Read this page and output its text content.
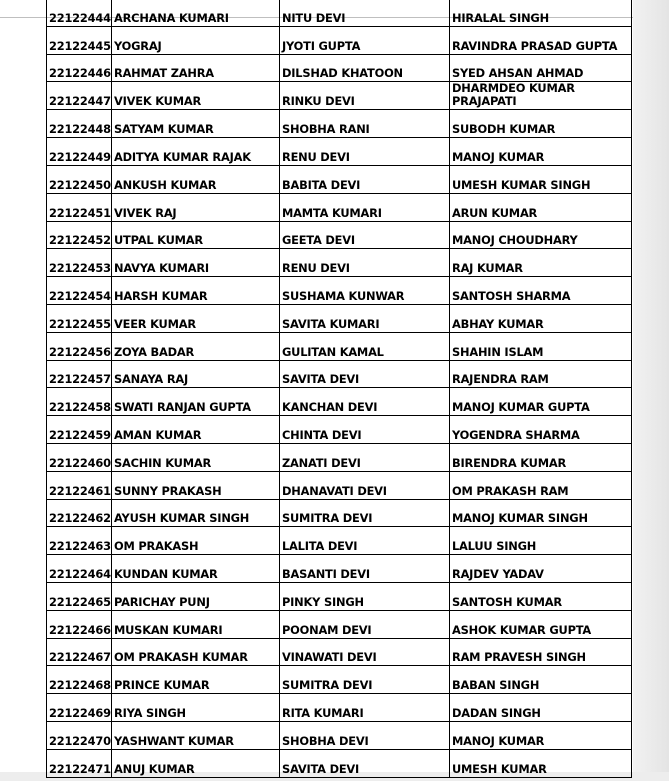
22122444	ARCHANA KUMARI	NITU DEVI	HIRALAL SINGH
22122445	YOGRAJ	JYOTI GUPTA	RAVINDRA PRASAD GUPTA
22122446	RAHMAT ZAHRA	DILSHAD KHATOON	SYED AHSAN AHMAD
22122447	VIVEK KUMAR	RINKU DEVI	DHARMDEO KUMAR PRAJAPATI
22122448	SATYAM KUMAR	SHOBHA RANI	SUBODH KUMAR
22122449	ADITYA KUMAR RAJAK	RENU DEVI	MANOJ KUMAR
22122450	ANKUSH KUMAR	BABITA DEVI	UMESH KUMAR SINGH
22122451	VIVEK RAJ	MAMTA KUMARI	ARUN KUMAR
22122452	UTPAL KUMAR	GEETA DEVI	MANOJ CHOUDHARY
22122453	NAVYA KUMARI	RENU DEVI	RAJ KUMAR
22122454	HARSH KUMAR	SUSHAMA KUNWAR	SANTOSH SHARMA
22122455	VEER KUMAR	SAVITA KUMARI	ABHAY KUMAR
22122456	ZOYA BADAR	GULITAN KAMAL	SHAHIN ISLAM
22122457	SANAYA RAJ	SAVITA DEVI	RAJENDRA RAM
22122458	SWATI RANJAN GUPTA	KANCHAN DEVI	MANOJ KUMAR GUPTA
22122459	AMAN KUMAR	CHINTA DEVI	YOGENDRA SHARMA
22122460	SACHIN KUMAR	ZANATI DEVI	BIRENDRA KUMAR
22122461	SUNNY PRAKASH	DHANAVATI DEVI	OM PRAKASH RAM
22122462	AYUSH KUMAR SINGH	SUMITRA DEVI	MANOJ KUMAR SINGH
22122463	OM PRAKASH	LALITA DEVI	LALUU SINGH
22122464	KUNDAN KUMAR	BASANTI DEVI	RAJDEV YADAV
22122465	PARICHAY PUNJ	PINKY SINGH	SANTOSH KUMAR
22122466	MUSKAN KUMARI	POONAM DEVI	ASHOK KUMAR GUPTA
22122467	OM PRAKASH KUMAR	VINAWATI DEVI	RAM PRAVESH SINGH
22122468	PRINCE KUMAR	SUMITRA DEVI	BABAN SINGH
22122469	RIYA SINGH	RITA KUMARI	DADAN SINGH
22122470	YASHWANT KUMAR	SHOBHA DEVI	MANOJ KUMAR
22122471	ANUJ KUMAR	SAVITA DEVI	UMESH KUMAR
